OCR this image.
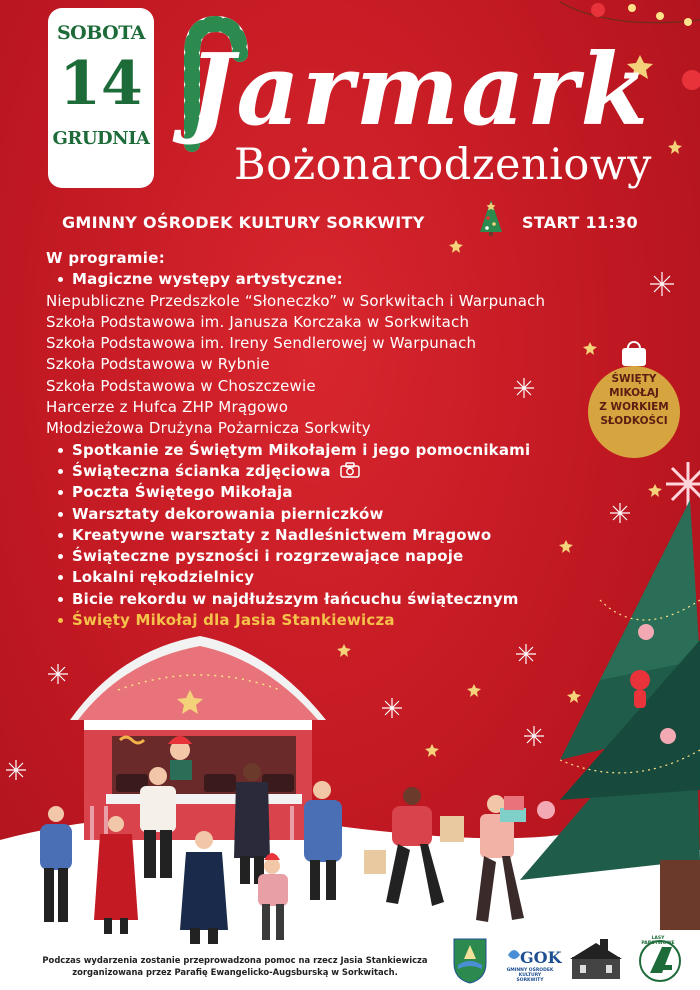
SOBOTA
14
GRUDNIA Jarmark
Bożonarodzeniowy
GMINNY OŚRODEK KULTURY SORKWITY	START 11:30
W programie:
Magiczne występy artystyczne:
Niepubliczne Przedszkole “Słoneczko” w Sorkwitach i Warpunach
Szkoła Podstawowa im. Janusza Korczaka w Sorkwitach
Szkoła Podstawowa im. Ireny Sendlerowej w Warpunach
Szkoła Podstawowa w Rybnie
Szkoła Podstawowa w Choszczewie
Harcerze z Hufca ZHP Mrągowo
Młodzieżowa Drużyna Pożarnicza Sorkwity
Spotkanie ze Świętym Mikołajem i jego pomocnikami
Świąteczna ścianka zdjęciowa
Poczta Świętego Mikołaja
Warsztaty dekorowania pierniczków
Kreatywne warsztaty z Nadleśnictwem Mrągowo
Świąteczne pyszności i rozgrzewające napoje
Lokalni rękodzielnicy
Bicie rekordu w najdłuższym łańcuchu świątecznym
Święty Mikołaj dla Jasia Stankiewicza
ŚWIĘTY
MIKOŁAJ
Z WORKIEM
SŁODKOŚCI
Podczas wydarzenia zostanie przeprowadzona pomoc na rzecz Jasia Stankiewicza
zorganizowana przez Parafię Ewangelicko-Augsburską w Sorkwitach.
GOK
GMINNY OŚRODEK KULTURY SORKWITY
LASY PAŃSTWOWE
